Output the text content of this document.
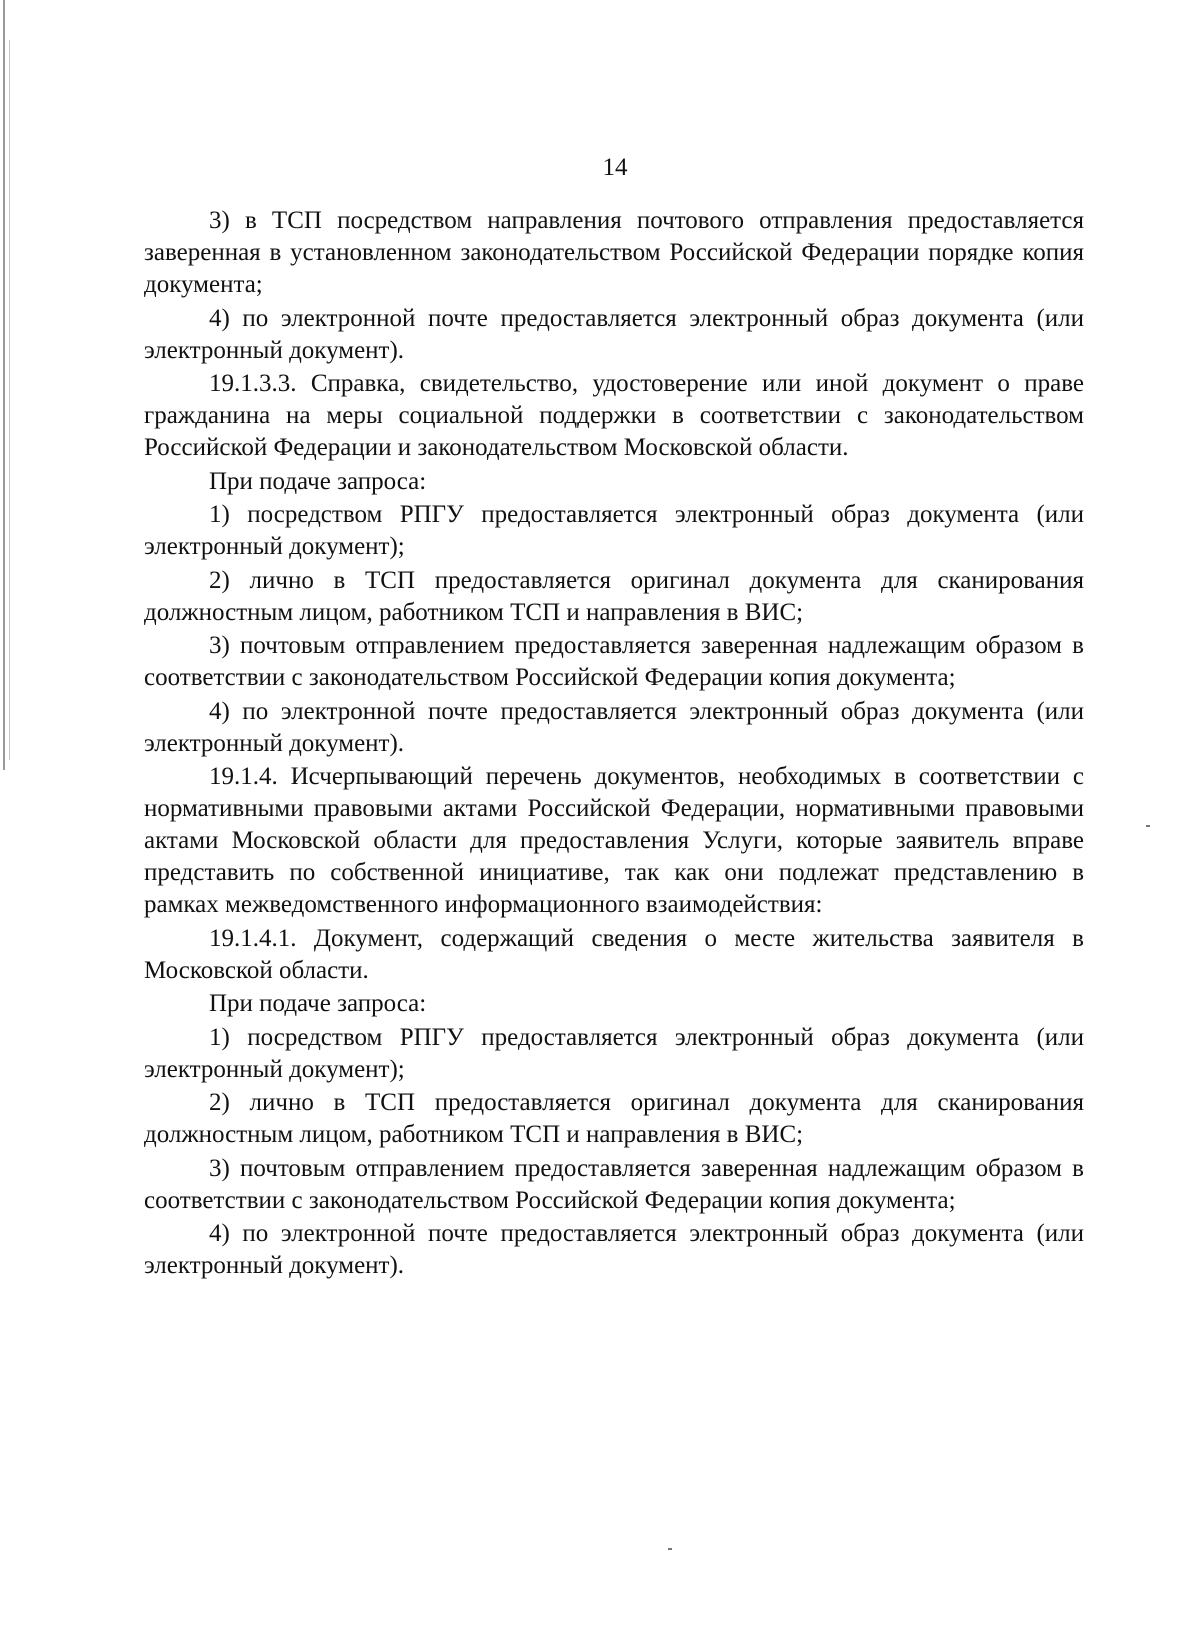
14

3) в ТСП посредством направления почтового отправления предоставляется заверенная в установленном законодательством Российской Федерации порядке копия документа;

4) по электронной почте предоставляется электронный образ документа (или электронный документ).

19.1.3.3. Справка, свидетельство, удостоверение или иной документ о праве гражданина на меры социальной поддержки в соответствии с законодательством Российской Федерации и законодательством Московской области.

При подаче запроса:

1) посредством РПГУ предоставляется электронный образ документа (или электронный документ);

2) лично в ТСП предоставляется оригинал документа для сканирования должностным лицом, работником ТСП и направления в ВИС;

3) почтовым отправлением предоставляется заверенная надлежащим образом в соответствии с законодательством Российской Федерации копия документа;

4) по электронной почте предоставляется электронный образ документа (или электронный документ).

19.1.4. Исчерпывающий перечень документов, необходимых в соответствии с нормативными правовыми актами Российской Федерации, нормативными правовыми актами Московской области для предоставления Услуги, которые заявитель вправе представить по собственной инициативе, так как они подлежат представлению в рамках межведомственного информационного взаимодействия:

19.1.4.1. Документ, содержащий сведения о месте жительства заявителя в Московской области.

При подаче запроса:

1) посредством РПГУ предоставляется электронный образ документа (или электронный документ);

2) лично в ТСП предоставляется оригинал документа для сканирования должностным лицом, работником ТСП и направления в ВИС;

3) почтовым отправлением предоставляется заверенная надлежащим образом в соответствии с законодательством Российской Федерации копия документа;

4) по электронной почте предоставляется электронный образ документа (или электронный документ).
